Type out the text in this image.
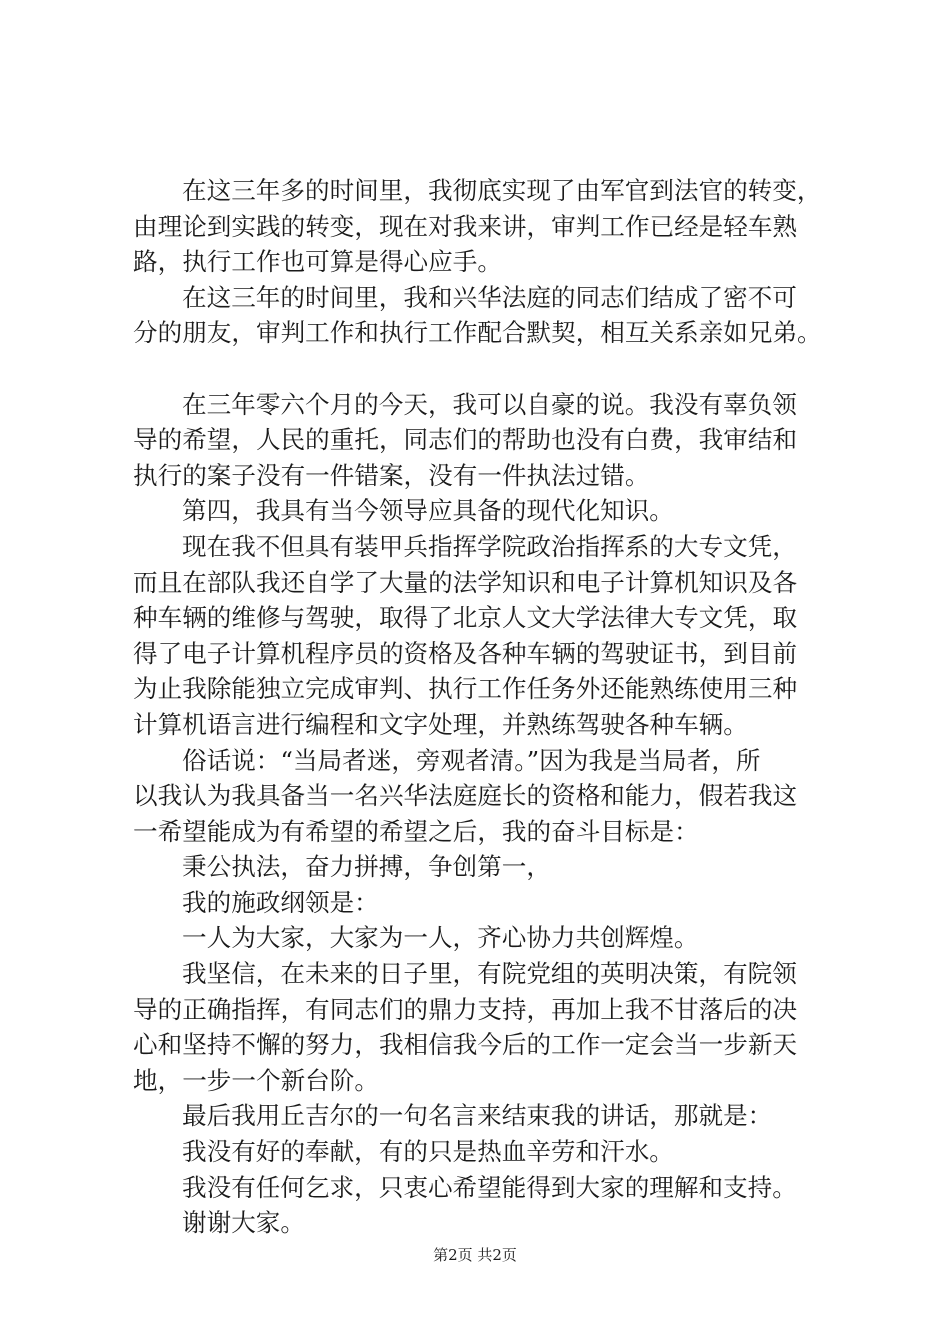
在这三年多的时间里，我彻底实现了由军官到法官的转变，
由理论到实践的转变，现在对我来讲，审判工作已经是轻车熟
路，执行工作也可算是得心应手。
在这三年的时间里，我和兴华法庭的同志们结成了密不可
分的朋友，审判工作和执行工作配合默契，相互关系亲如兄弟。
在三年零六个月的今天，我可以自豪的说。我没有辜负领
导的希望，人民的重托，同志们的帮助也没有白费，我审结和
执行的案子没有一件错案，没有一件执法过错。
第四，我具有当今领导应具备的现代化知识。
现在我不但具有装甲兵指挥学院政治指挥系的大专文凭，
而且在部队我还自学了大量的法学知识和电子计算机知识及各
种车辆的维修与驾驶，取得了北京人文大学法律大专文凭，取
得了电子计算机程序员的资格及各种车辆的驾驶证书，到目前
为止我除能独立完成审判、执行工作任务外还能熟练使用三种
计算机语言进行编程和文字处理，并熟练驾驶各种车辆。
俗话说：“当局者迷，旁观者清。”因为我是当局者，所
以我认为我具备当一名兴华法庭庭长的资格和能力，假若我这
一希望能成为有希望的希望之后，我的奋斗目标是：
秉公执法，奋力拼搏，争创第一，
我的施政纲领是：
一人为大家，大家为一人，齐心协力共创辉煌。
我坚信，在未来的日子里，有院党组的英明决策，有院领
导的正确指挥，有同志们的鼎力支持，再加上我不甘落后的决
心和坚持不懈的努力，我相信我今后的工作一定会当一步新天
地，一步一个新台阶。
最后我用丘吉尔的一句名言来结束我的讲话，那就是：
我没有好的奉献，有的只是热血辛劳和汗水。
我没有任何乞求，只衷心希望能得到大家的理解和支持。
谢谢大家。
第2页 共2页
